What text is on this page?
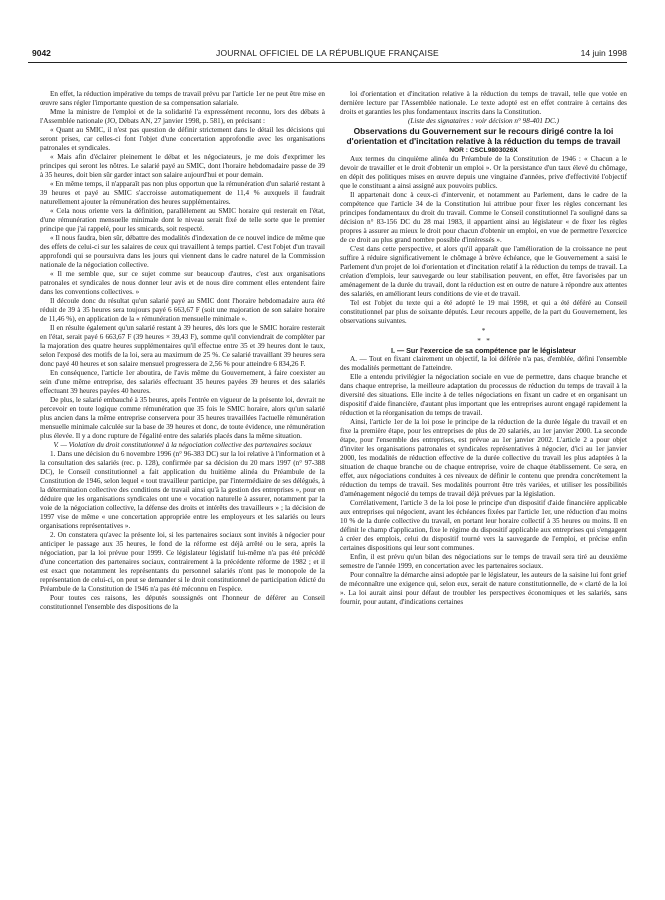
9042	JOURNAL OFFICIEL DE LA RÉPUBLIQUE FRANÇAISE	14 juin 1998

En effet, la réduction impérative du temps de travail prévu par l'article 1er ne peut être mise en œuvre sans régler l'importante question de sa compensation salariale.

Mme la ministre de l'emploi et de la solidarité l'a expressément reconnu, lors des débats à l'Assemblée nationale (JO, Débats AN, 27 janvier 1998, p. 581), en précisant :

« Quant au SMIC, il n'est pas question de définir strictement dans le détail les décisions qui seront prises, car celles-ci font l'objet d'une concertation approfondie avec les organisations patronales et syndicales.

« Mais afin d'éclairer pleinement le débat et les négociateurs, je me dois d'exprimer les principes qui seront les nôtres. Le salarié payé au SMIC, dont l'horaire hebdomadaire passe de 39 à 35 heures, doit bien sûr garder intact son salaire aujourd'hui et pour demain.

« En même temps, il n'apparaît pas non plus opportun que la rémunération d'un salarié restant à 39 heures et payé au SMIC s'accroisse automatiquement de 11,4 % auxquels il faudrait naturellement ajouter la rémunération des heures supplémentaires.

« Cela nous oriente vers la définition, parallèlement au SMIC horaire qui resterait en l'état, d'une rémunération mensuelle minimale dont le niveau serait fixé de telle sorte que le premier principe que j'ai rappelé, pour les smicards, soit respecté.

« Il nous faudra, bien sûr, débattre des modalités d'indexation de ce nouvel indice de même que des effets de celui-ci sur les salaires de ceux qui travaillent à temps partiel. C'est l'objet d'un travail approfondi qui se poursuivra dans les jours qui viennent dans le cadre naturel de la Commission nationale de la négociation collective.

« Il me semble que, sur ce sujet comme sur beaucoup d'autres, c'est aux organisations patronales et syndicales de nous donner leur avis et de nous dire comment elles entendent faire dans les conventions collectives. »

Il découle donc du résultat qu'un salarié payé au SMIC dont l'horaire hebdomadaire aura été réduit de 39 à 35 heures sera toujours payé 6 663,67 F (soit une majoration de son salaire horaire de 11,46 %), en application de la « rémunération mensuelle minimale ».

Il en résulte également qu'un salarié restant à 39 heures, dès lors que le SMIC horaire resterait en l'état, serait payé 6 663,67 F (39 heures × 39,43 F), somme qu'il conviendrait de compléter par la majoration des quatre heures supplémentaires qu'il effectue entre 35 et 39 heures dont le taux, selon l'exposé des motifs de la loi, sera au maximum de 25 %. Ce salarié travaillant 39 heures sera donc payé 40 heures et son salaire mensuel progressera de 2,56 % pour atteindre 6 834,26 F.

En conséquence, l'article 1er aboutira, de l'avis même du Gouvernement, à faire coexister au sein d'une même entreprise, des salariés effectuant 35 heures payées 39 heures et des salariés effectuant 39 heures payées 40 heures.

De plus, le salarié embauché à 35 heures, après l'entrée en vigueur de la présente loi, devrait ne percevoir en toute logique comme rémunération que 35 fois le SMIC horaire, alors qu'un salarié plus ancien dans la même entreprise conservera pour 35 heures travaillées l'actuelle rémunération mensuelle minimale calculée sur la base de 39 heures et donc, de toute évidence, une rémunération plus élevée. Il y a donc rupture de l'égalité entre des salariés placés dans la même situation.

V. — Violation du droit constitutionnel à la négociation collective des partenaires sociaux

1. Dans une décision du 6 novembre 1996 (n° 96-383 DC) sur la loi relative à l'information et à la consultation des salariés (rec. p. 128), confirmée par sa décision du 20 mars 1997 (n° 97-388 DC), le Conseil constitutionnel a fait application du huitième alinéa du Préambule de la Constitution de 1946, selon lequel « tout travailleur participe, par l'intermédiaire de ses délégués, à la détermination collective des conditions de travail ainsi qu'à la gestion des entreprises », pour en déduire que les organisations syndicales ont une « vocation naturelle à assurer, notamment par la voie de la négociation collective, la défense des droits et intérêts des travailleurs » ; la décision de 1997 vise de même « une concertation appropriée entre les employeurs et les salariés ou leurs organisations représentatives ».

2. On constatera qu'avec la présente loi, si les partenaires sociaux sont invités à négocier pour anticiper le passage aux 35 heures, le fond de la réforme est déjà arrêté ou le sera, après la négociation, par la loi prévue pour 1999. Ce législateur législatif lui-même n'a pas été précédé d'une concertation des partenaires sociaux, contrairement à la précédente réforme de 1982 ; et il est exact que notamment les représentants du personnel salariés n'ont pas le monopole de la représentation de celui-ci, on peut se demander si le droit constitutionnel de participation édicté du Préambule de la Constitution de 1946 n'a pas été méconnu en l'espèce.

Pour toutes ces raisons, les députés soussignés ont l'honneur de déférer au Conseil constitutionnel l'ensemble des dispositions de la

loi d'orientation et d'incitation relative à la réduction du temps de travail, telle que votée en dernière lecture par l'Assemblée nationale. Le texte adopté est en effet contraire à certains des droits et garanties les plus fondamentaux inscrits dans la Constitution.

(Liste des signataires : voir décision n° 98-401 DC.)

Observations du Gouvernement sur le recours dirigé contre la loi d'orientation et d'incitation relative à la réduction du temps de travail

NOR : CSCL9803026X

Aux termes du cinquième alinéa du Préambule de la Constitution de 1946 : « Chacun a le devoir de travailler et le droit d'obtenir un emploi ». Or la persistance d'un taux élevé du chômage, en dépit des politiques mises en œuvre depuis une vingtaine d'années, prive d'effectivité l'objectif que le constituant a ainsi assigné aux pouvoirs publics.

Il appartenait donc à ceux-ci d'intervenir, et notamment au Parlement, dans le cadre de la compétence que l'article 34 de la Constitution lui attribue pour fixer les règles concernant les principes fondamentaux du droit du travail. Comme le Conseil constitutionnel l'a souligné dans sa décision n° 83-156 DC du 28 mai 1983, il appartient ainsi au législateur « de fixer les règles propres à assurer au mieux le droit pour chacun d'obtenir un emploi, en vue de permettre l'exercice de ce droit au plus grand nombre possible d'intéressés ».

C'est dans cette perspective, et alors qu'il apparaît que l'amélioration de la croissance ne peut suffire à réduire significativement le chômage à brève échéance, que le Gouvernement a saisi le Parlement d'un projet de loi d'orientation et d'incitation relatif à la réduction du temps de travail. La création d'emplois, leur sauvegarde ou leur stabilisation peuvent, en effet, être favorisées par un aménagement de la durée du travail, dont la réduction est en outre de nature à répondre aux attentes des salariés, en améliorant leurs conditions de vie et de travail.

Tel est l'objet du texte qui a été adopté le 19 mai 1998, et qui a été déféré au Conseil constitutionnel par plus de soixante députés. Leur recours appelle, de la part du Gouvernement, les observations suivantes.

*
*   *

I. — Sur l'exercice de sa compétence par le législateur

A. — Tout en fixant clairement un objectif, la loi déférée n'a pas, d'emblée, défini l'ensemble des modalités permettant de l'atteindre.

Elle a entendu privilégier la négociation sociale en vue de permettre, dans chaque branche et dans chaque entreprise, la meilleure adaptation du processus de réduction du temps de travail à la diversité des situations. Elle incite à de telles négociations en fixant un cadre et en organisant un dispositif d'aide financière, d'autant plus important que les entreprises auront engagé rapidement la réduction et la réorganisation du temps de travail.

Ainsi, l'article 1er de la loi pose le principe de la réduction de la durée légale du travail et en fixe la première étape, pour les entreprises de plus de 20 salariés, au 1er janvier 2000. La seconde étape, pour l'ensemble des entreprises, est prévue au 1er janvier 2002. L'article 2 a pour objet d'inviter les organisations patronales et syndicales représentatives à négocier, d'ici au 1er janvier 2000, les modalités de réduction effective de la durée collective du travail les plus adaptées à la situation de chaque branche ou de chaque entreprise, voire de chaque établissement. Ce sera, en effet, aux négociations conduites à ces niveaux de définir le contenu que prendra concrètement la réduction du temps de travail. Ses modalités pourront être très variées, et utiliser les possibilités d'aménagement négocié du temps de travail déjà prévues par la législation.

Corrélativement, l'article 3 de la loi pose le principe d'un dispositif d'aide financière applicable aux entreprises qui négocient, avant les échéances fixées par l'article 1er, une réduction d'au moins 10 % de la durée collective du travail, en portant leur horaire collectif à 35 heures ou moins. Il en définit le champ d'application, fixe le régime du dispositif applicable aux entreprises qui s'engagent à créer des emplois, celui du dispositif tourné vers la sauvegarde de l'emploi, et précise enfin certaines dispositions qui leur sont communes.

Enfin, il est prévu qu'un bilan des négociations sur le temps de travail sera tiré au deuxième semestre de l'année 1999, en concertation avec les partenaires sociaux.

Pour connaître la démarche ainsi adoptée par le législateur, les auteurs de la saisine lui font grief de méconnaître une exigence qui, selon eux, serait de nature constitutionnelle, de « clarté de la loi ». La loi aurait ainsi pour défaut de troubler les perspectives économiques et les salariés, sans fournir, pour autant, d'indications certaines
